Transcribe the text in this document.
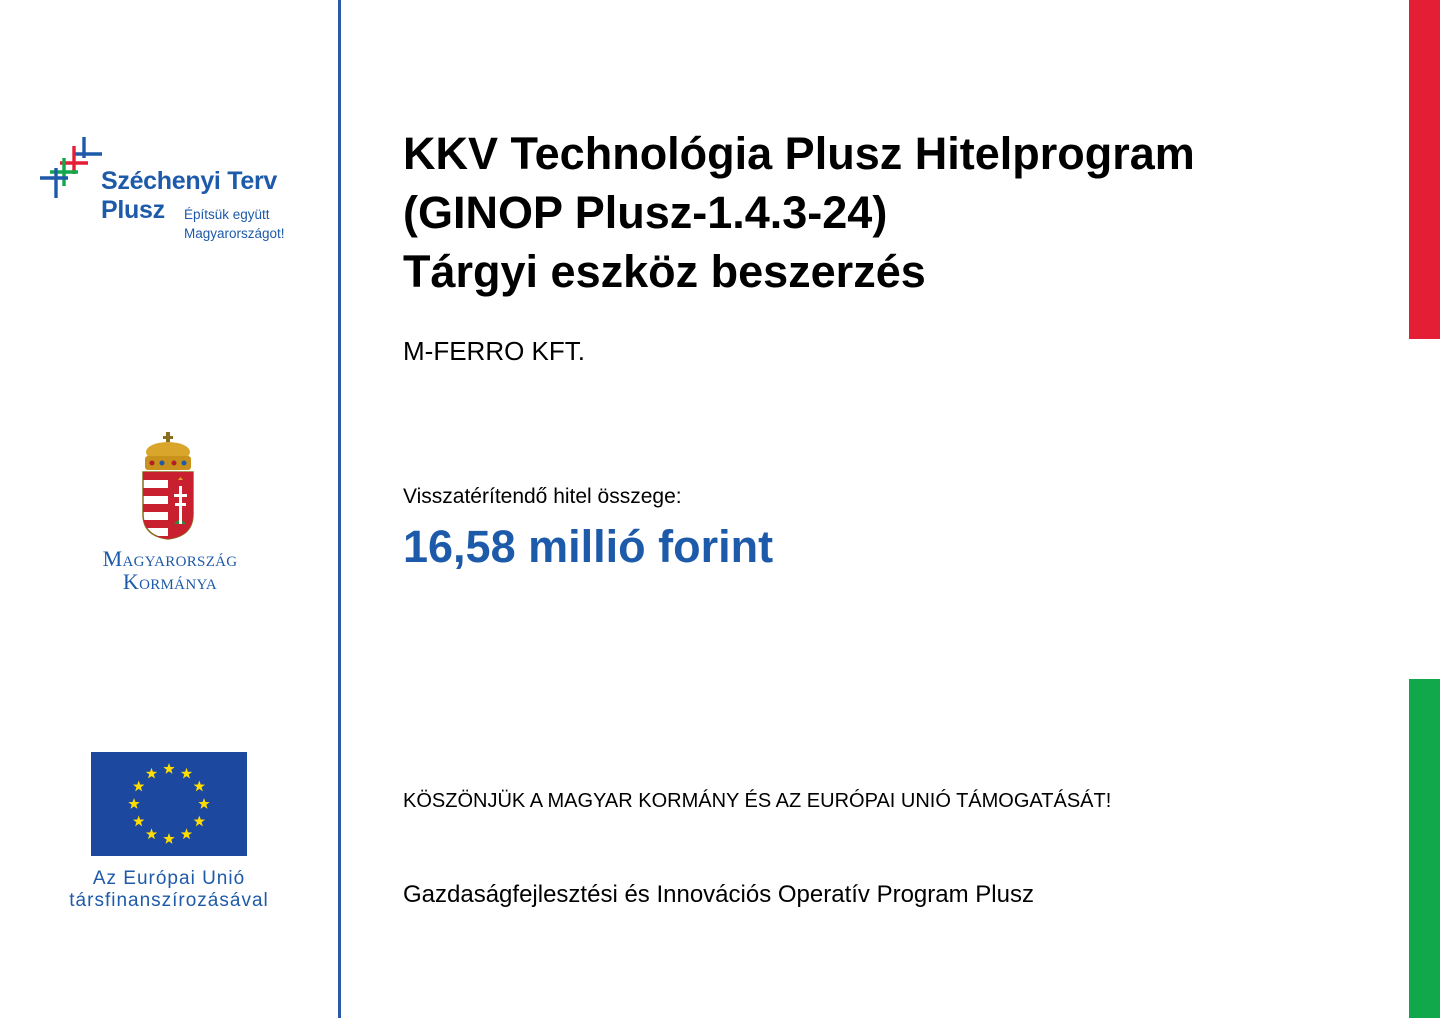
Széchenyi Terv
Plusz Építsük együtt
Magyarországot!
Magyarország
Kormánya
Az Európai Unió
társfinanszírozásával
KKV Technológia Plusz Hitelprogram
(GINOP Plusz-1.4.3-24)
Tárgyi eszköz beszerzés
M-FERRO KFT.
Visszatérítendő hitel összege:
16,58 millió forint
KÖSZÖNJÜK A MAGYAR KORMÁNY ÉS AZ EURÓPAI UNIÓ TÁMOGATÁSÁT!
Gazdaságfejlesztési és Innovációs Operatív Program Plusz
